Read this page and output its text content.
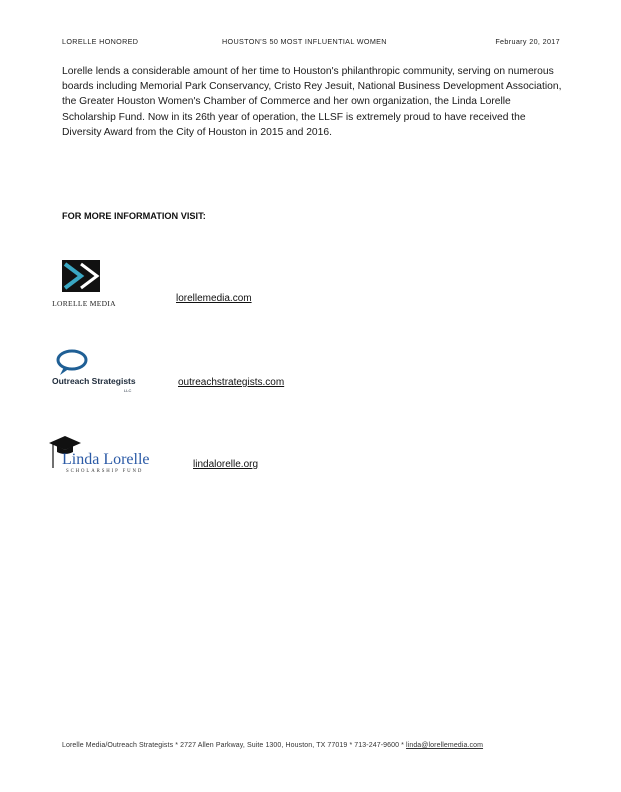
LORELLE HONORED	HOUSTON'S 50 MOST INFLUENTIAL WOMEN	February 20, 2017

Lorelle lends a considerable amount of her time to Houston's philanthropic community, serving on numerous boards including Memorial Park Conservancy, Cristo Rey Jesuit, National Business Development Association, the Greater Houston Women's Chamber of Commerce and her own organization, the Linda Lorelle Scholarship Fund. Now in its 26th year of operation, the LLSF is extremely proud to have received the Diversity Award from the City of Houston in 2015 and 2016.

FOR MORE INFORMATION VISIT:
LORELLE MEDIA	lorellemedia.com
Outreach Strategists
LLC
outreachstrategists.com
Linda Lorelle
SCHOLARSHIP FUND
lindalorelle.org
Lorelle Media/Outreach Strategists * 2727 Allen Parkway, Suite 1300, Houston, TX 77019 * 713-247-9600 * linda@lorellemedia.com
